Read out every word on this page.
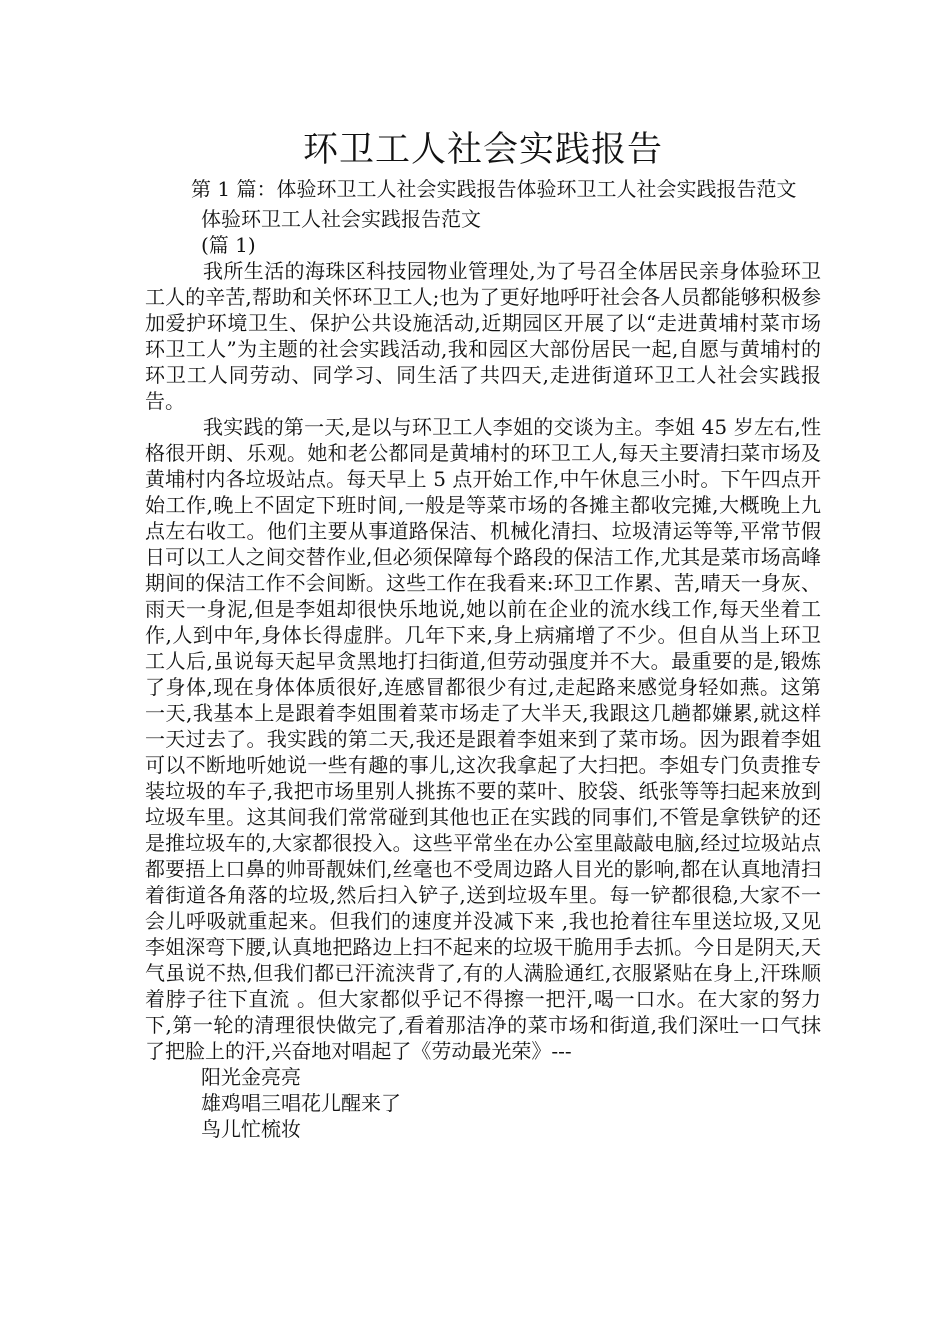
环卫工人社会实践报告

第 1 篇：体验环卫工人社会实践报告体验环卫工人社会实践报告范文

体验环卫工人社会实践报告范文

(篇 1)

我所生活的海珠区科技园物业管理处,为了号召全体居民亲身体验环卫工人的辛苦,帮助和关怀环卫工人;也为了更好地呼吁社会各人员都能够积极参加爱护环境卫生、保护公共设施活动,近期园区开展了以“走进黄埔村菜市场环卫工人”为主题的社会实践活动,我和园区大部份居民一起,自愿与黄埔村的环卫工人同劳动、同学习、同生活了共四天,走进街道环卫工人社会实践报告。

我实践的第一天,是以与环卫工人李姐的交谈为主。李姐 45 岁左右,性格很开朗、乐观。她和老公都同是黄埔村的环卫工人,每天主要清扫菜市场及黄埔村内各垃圾站点。每天早上 5 点开始工作,中午休息三小时。下午四点开始工作,晚上不固定下班时间,一般是等菜市场的各摊主都收完摊,大概晚上九点左右收工。他们主要从事道路保洁、机械化清扫、垃圾清运等等,平常节假日可以工人之间交替作业,但必须保障每个路段的保洁工作,尤其是菜市场高峰期间的保洁工作不会间断。这些工作在我看来:环卫工作累、苦,晴天一身灰、雨天一身泥,但是李姐却很快乐地说,她以前在企业的流水线工作,每天坐着工作,人到中年,身体长得虚胖。几年下来,身上病痛增了不少。但自从当上环卫工人后,虽说每天起早贪黑地打扫街道,但劳动强度并不大。最重要的是,锻炼了身体,现在身体体质很好,连感冒都很少有过,走起路来感觉身轻如燕。这第一天,我基本上是跟着李姐围着菜市场走了大半天,我跟这几趟都嫌累,就这样一天过去了。我实践的第二天,我还是跟着李姐来到了菜市场。因为跟着李姐可以不断地听她说一些有趣的事儿,这次我拿起了大扫把。李姐专门负责推专装垃圾的车子,我把市场里别人挑拣不要的菜叶、胶袋、纸张等等扫起来放到垃圾车里。这其间我们常常碰到其他也正在实践的同事们,不管是拿铁铲的还是推垃圾车的,大家都很投入。这些平常坐在办公室里敲敲电脑,经过垃圾站点都要捂上口鼻的帅哥靓妹们,丝毫也不受周边路人目光的影响,都在认真地清扫着街道各角落的垃圾,然后扫入铲子,送到垃圾车里。每一铲都很稳,大家不一会儿呼吸就重起来。但我们的速度并没减下来 ,我也抢着往车里送垃圾,又见李姐深弯下腰,认真地把路边上扫不起来的垃圾干脆用手去抓。今日是阴天,天气虽说不热,但我们都已汗流浃背了,有的人满脸通红,衣服紧贴在身上,汗珠顺着脖子往下直流 。但大家都似乎记不得擦一把汗,喝一口水。在大家的努力下,第一轮的清理很快做完了,看着那洁净的菜市场和街道,我们深吐一口气抹了把脸上的汗,兴奋地对唱起了《劳动最光荣》---

阳光金亮亮

雄鸡唱三唱花儿醒来了

鸟儿忙梳妆
